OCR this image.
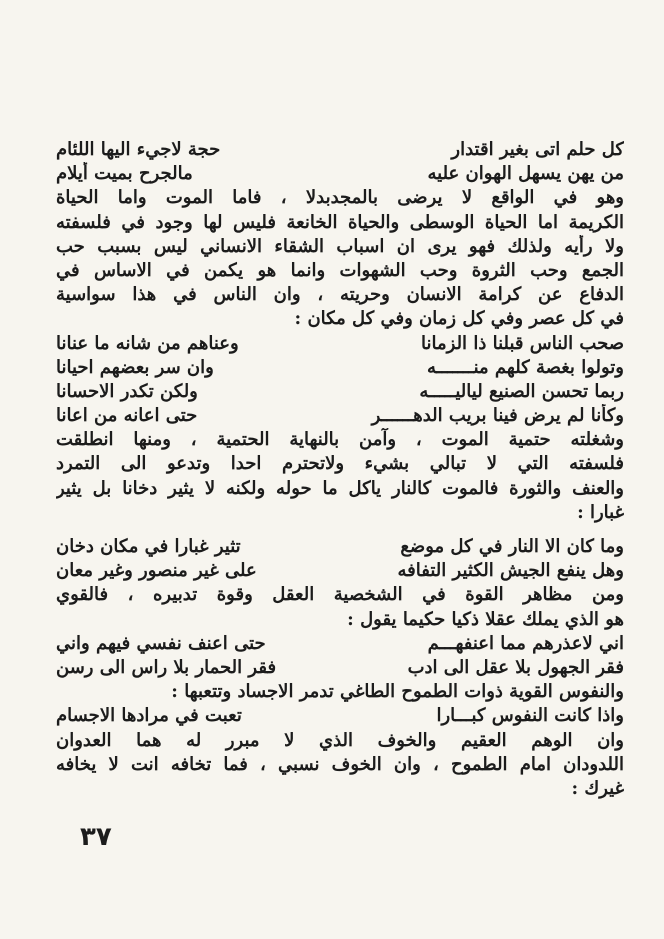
كل حلم اتى بغير اقتدار
حجة لاجيء اليها اللئام
من يهن يسهل الهوان عليه
مالجرح بميت أيلام
وهو في الواقع لا يرضى بالمجدبدلا ، فاما الموت واما الحياة
الكريمة اما الحياة الوسطى والحياة الخانعة فليس لها وجود في فلسفته
ولا رأيه ولذلك فهو يرى ان اسباب الشقاء الانساني ليس بسبب حب
الجمع وحب الثروة وحب الشهوات وانما هو يكمن في الاساس في
الدفاع عن كرامة الانسان وحريته ، وان الناس في هذا سواسية
في كل عصر وفي كل زمان وفي كل مكان :
صحب الناس قبلنا ذا الزمانا
وعناهم من شانه ما عنانا
وتولوا بغصة كلهم منـــــــه
وان سر بعضهم احيانا
ربما تحسن الصنيع لياليـــــه
ولكن تكدر الاحسانا
وكأنا لم يرض فينا بريب الدهــــــر
حتى اعانه من اعانا
وشغلته حتمية الموت ، وآمن بالنهاية الحتمية ، ومنها انطلقت
فلسفته التي لا تبالي بشيء ولاتحترم احدا وتدعو الى التمرد
والعنف والثورة فالموت كالنار ياكل ما حوله ولكنه لا يثير دخانا بل يثير
غبارا :
وما كان الا النار في كل موضع
تثير غبارا في مكان دخان
وهل ينفع الجيش الكثير التفافه
على غير منصور وغير معان
ومن مظاهر القوة في الشخصية العقل وقوة تدبيره ، فالقوي
هو الذي يملك عقلا ذكيا حكيما يقول :
اني لاعذرهم مما اعنفهـــم
حتى اعنف نفسي فيهم واني
فقر الجهول بلا عقل الى ادب
فقر الحمار بلا راس الى رسن
والنفوس القوية ذوات الطموح الطاغي تدمر الاجساد وتتعبها :
واذا كانت النفوس كبـــارا
تعبت في مرادها الاجسام
وان الوهم العقيم والخوف الذي لا مبرر له هما العدوان
اللدودان امام الطموح ، وان الخوف نسبي ، فما تخافه انت لا يخافه
غيرك :
٣٧
